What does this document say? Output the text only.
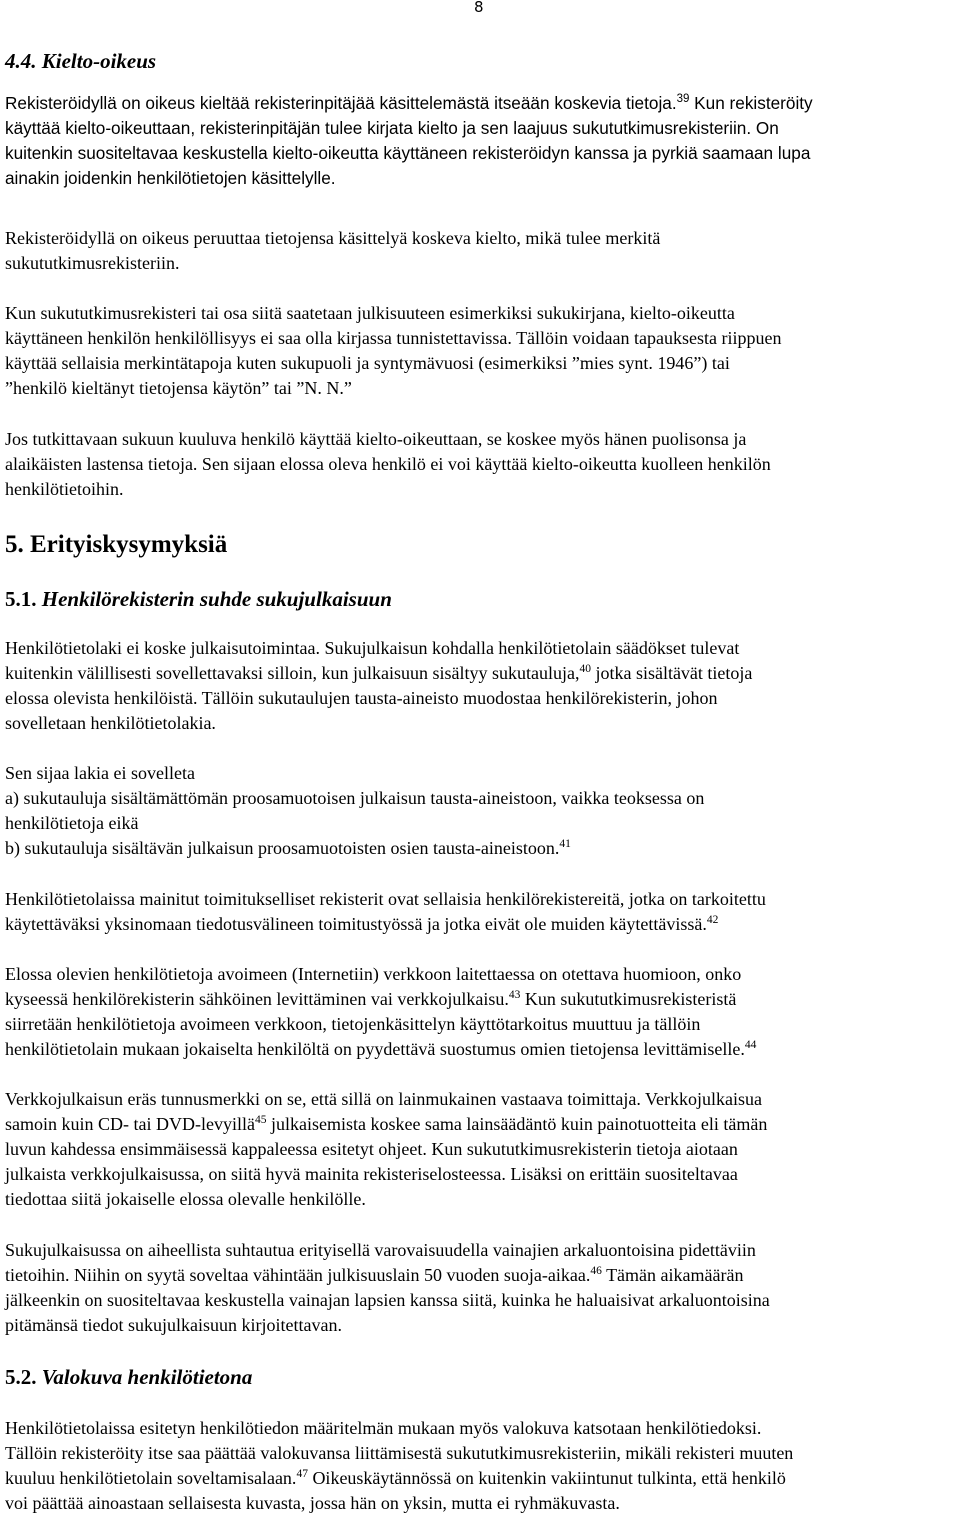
8
4.4. Kielto-oikeus

Rekisteröidyllä on oikeus kieltää rekisterinpitäjää käsittelemästä itseään koskevia tietoja.$^{39}$ Kun rekisteröity
käyttää kielto-oikeuttaan, rekisterinpitäjän tulee kirjata kielto ja sen laajuus sukututkimusrekisteriin. On
kuitenkin suositeltavaa keskustella kielto-oikeutta käyttäneen rekisteröidyn kanssa ja pyrkiä saamaan lupa
ainakin joidenkin henkilötietojen käsittelylle.

Rekisteröidyllä on oikeus peruuttaa tietojensa käsittelyä koskeva kielto, mikä tulee merkitä
sukututkimusrekisteriin.

Kun sukututkimusrekisteri tai osa siitä saatetaan julkisuuteen esimerkiksi sukukirjana, kielto-oikeutta
käyttäneen henkilön henkilöllisyys ei saa olla kirjassa tunnistettavissa. Tällöin voidaan tapauksesta riippuen
käyttää sellaisia merkintätapoja kuten sukupuoli ja syntymävuosi (esimerkiksi ”mies synt. 1946”) tai
”henkilö kieltänyt tietojensa käytön” tai ”N. N.”

Jos tutkittavaan sukuun kuuluva henkilö käyttää kielto-oikeuttaan, se koskee myös hänen puolisonsa ja
alaikäisten lastensa tietoja. Sen sijaan elossa oleva henkilö ei voi käyttää kielto-oikeutta kuolleen henkilön
henkilötietoihin.

5. Erityiskysymyksiä
5.1. Henkilörekisterin suhde sukujulkaisuun

Henkilötietolaki ei koske julkaisutoimintaa. Sukujulkaisun kohdalla henkilötietolain säädökset tulevat
kuitenkin välillisesti sovellettavaksi silloin, kun julkaisuun sisältyy sukutauluja,$^{40}$ jotka sisältävät tietoja
elossa olevista henkilöistä. Tällöin sukutaulujen tausta-aineisto muodostaa henkilörekisterin, johon
sovelletaan henkilötietolakia.

Sen sijaa lakia ei sovelleta
a) sukutauluja sisältämättömän proosamuotoisen julkaisun tausta-aineistoon, vaikka teoksessa on
henkilötietoja eikä
b) sukutauluja sisältävän julkaisun proosamuotoisten osien tausta-aineistoon.$^{41}$

Henkilötietolaissa mainitut toimitukselliset rekisterit ovat sellaisia henkilörekistereitä, jotka on tarkoitettu
käytettäväksi yksinomaan tiedotusvälineen toimitustyössä ja jotka eivät ole muiden käytettävissä.$^{42}$

Elossa olevien henkilötietoja avoimeen (Internetiin) verkkoon laitettaessa on otettava huomioon, onko
kyseessä henkilörekisterin sähköinen levittäminen vai verkkojulkaisu.$^{43}$ Kun sukututkimusrekisteristä
siirretään henkilötietoja avoimeen verkkoon, tietojenkäsittelyn käyttötarkoitus muuttuu ja tällöin
henkilötietolain mukaan jokaiselta henkilöltä on pyydettävä suostumus omien tietojensa levittämiselle.$^{44}$

Verkkojulkaisun eräs tunnusmerkki on se, että sillä on lainmukainen vastaava toimittaja. Verkkojulkaisua
samoin kuin CD- tai DVD-levyillä$^{45}$ julkaisemista koskee sama lainsäädäntö kuin painotuotteita eli tämän
luvun kahdessa ensimmäisessä kappaleessa esitetyt ohjeet. Kun sukututkimusrekisterin tietoja aiotaan
julkaista verkkojulkaisussa, on siitä hyvä mainita rekisteriselosteessa. Lisäksi on erittäin suositeltavaa
tiedottaa siitä jokaiselle elossa olevalle henkilölle.

Sukujulkaisussa on aiheellista suhtautua erityisellä varovaisuudella vainajien arkaluontoisina pidettäviin
tietoihin. Niihin on syytä soveltaa vähintään julkisuuslain 50 vuoden suoja-aikaa.$^{46}$ Tämän aikamäärän
jälkeenkin on suositeltavaa keskustella vainajan lapsien kanssa siitä, kuinka he haluaisivat arkaluontoisina
pitämänsä tiedot sukujulkaisuun kirjoitettavan.

5.2. Valokuva henkilötietona

Henkilötietolaissa esitetyn henkilötiedon määritelmän mukaan myös valokuva katsotaan henkilötiedoksi.
Tällöin rekisteröity itse saa päättää valokuvansa liittämisestä sukututkimusrekisteriin, mikäli rekisteri muuten
kuuluu henkilötietolain soveltamisalaan.$^{47}$ Oikeuskäytännössä on kuitenkin vakiintunut tulkinta, että henkilö
voi päättää ainoastaan sellaisesta kuvasta, jossa hän on yksin, mutta ei ryhmäkuvasta.
